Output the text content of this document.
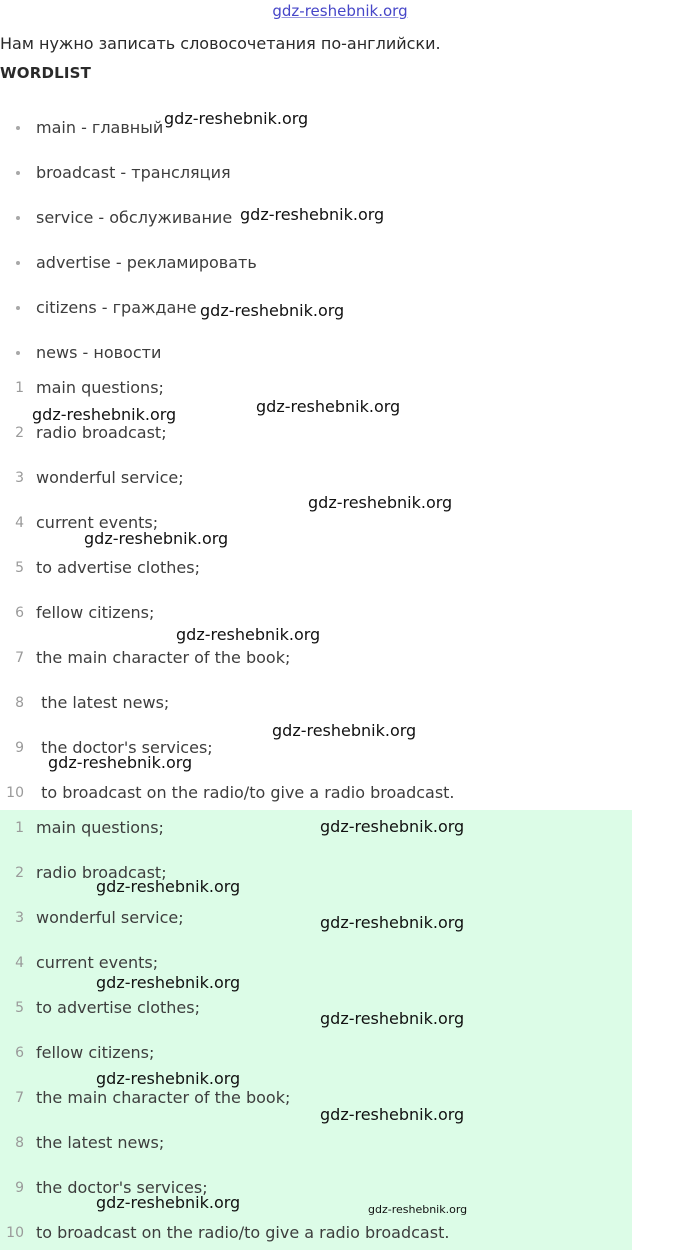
gdz-reshebnik.org
Нам нужно записать словосочетания по-английски.
WORDLIST
main - главный
broadcast - трансляция
service - обслуживание
advertise - рекламировать
citizens - граждане
news - новости
1 main questions;
2 radio broadcast;
3 wonderful service;
4 current events;
5 to advertise clothes;
6 fellow citizens;
7 the main character of the book;
8 the latest news;
9 the doctor's services;
10 to broadcast on the radio/to give a radio broadcast.
1 main questions;
2 radio broadcast;
3 wonderful service;
4 current events;
5 to advertise clothes;
6 fellow citizens;
7 the main character of the book;
8 the latest news;
9 the doctor's services;
10 to broadcast on the radio/to give a radio broadcast.
gdz-reshebnik.org
gdz-reshebnik.org
gdz-reshebnik.org
gdz-reshebnik.org	gdz-reshebnik.org
gdz-reshebnik.org
gdz-reshebnik.org
gdz-reshebnik.org
gdz-reshebnik.org
gdz-reshebnik.org
gdz-reshebnik.org
gdz-reshebnik.org
gdz-reshebnik.org
gdz-reshebnik.org
gdz-reshebnik.org
gdz-reshebnik.org
gdz-reshebnik.org
gdz-reshebnik.org	gdz-reshebnik.org
